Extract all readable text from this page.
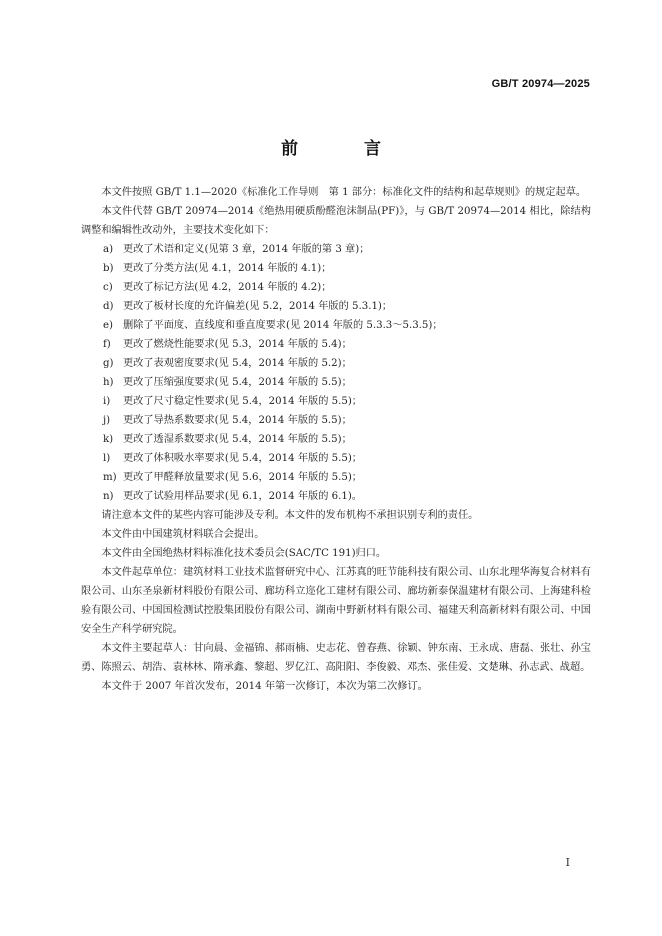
GB/T 20974—2025
前 言

本文件按照 GB/T 1.1—2020《标准化工作导则　第 1 部分：标准化文件的结构和起草规则》的规定起草。

本文件代替 GB/T 20974—2014《绝热用硬质酚醛泡沫制品(PF)》，与 GB/T 20974—2014 相比，除结构调整和编辑性改动外，主要技术变化如下：

a) 更改了术语和定义(见第 3 章，2014 年版的第 3 章)；

b) 更改了分类方法(见 4.1，2014 年版的 4.1)；

c) 更改了标记方法(见 4.2，2014 年版的 4.2)；

d) 更改了板材长度的允许偏差(见 5.2，2014 年版的 5.3.1)；

e) 删除了平面度、直线度和垂直度要求(见 2014 年版的 5.3.3～5.3.5)；

f) 更改了燃烧性能要求(见 5.3，2014 年版的 5.4)；

g) 更改了表观密度要求(见 5.4，2014 年版的 5.2)；

h) 更改了压缩强度要求(见 5.4，2014 年版的 5.5)；

i) 更改了尺寸稳定性要求(见 5.4，2014 年版的 5.5)；

j) 更改了导热系数要求(见 5.4，2014 年版的 5.5)；

k) 更改了透湿系数要求(见 5.4，2014 年版的 5.5)；

l) 更改了体积吸水率要求(见 5.4，2014 年版的 5.5)；

m) 更改了甲醛释放量要求(见 5.6，2014 年版的 5.5)；

n) 更改了试验用样品要求(见 6.1，2014 年版的 6.1)。

请注意本文件的某些内容可能涉及专利。本文件的发布机构不承担识别专利的责任。

本文件由中国建筑材料联合会提出。

本文件由全国绝热材料标准化技术委员会(SAC/TC 191)归口。

本文件起草单位：建筑材料工业技术监督研究中心、江苏真的旺节能科技有限公司、山东北理华海复合材料有限公司、山东圣泉新材料股份有限公司、廊坊科立迩化工建材有限公司、廊坊新泰保温建材有限公司、上海建科检验有限公司、中国国检测试控股集团股份有限公司、湖南中野新材料有限公司、福建天利高新材料有限公司、中国安全生产科学研究院。

本文件主要起草人：甘向晨、金福锦、郝雨楠、史志花、曾春燕、徐颖、钟东南、王永成、唐磊、张壮、孙宝勇、陈照云、胡浩、袁林林、隋承鑫、黎超、罗亿江、高阳阳、李俊毅、邓杰、张佳爱、文楚琳、孙志武、战超。

本文件于 2007 年首次发布，2014 年第一次修订，本次为第二次修订。

I
